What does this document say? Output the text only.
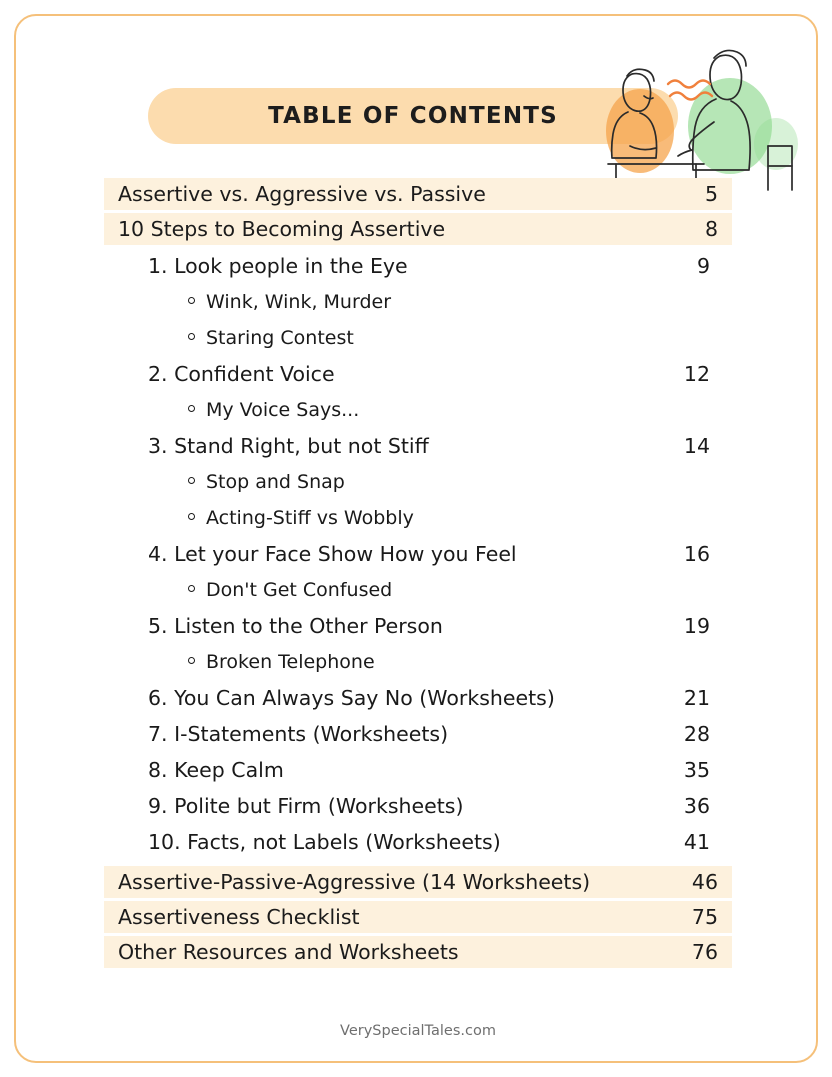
TABLE OF CONTENTS
Assertive vs. Aggressive vs. Passive	5
10 Steps to Becoming Assertive	8
1. Look people in the Eye	9
Wink, Wink, Murder
Staring Contest
2. Confident Voice	12
My Voice Says...
3. Stand Right, but not Stiff	14
Stop and Snap
Acting-Stiff vs Wobbly
4. Let your Face Show How you Feel	16
Don't Get Confused
5. Listen to the Other Person	19
Broken Telephone
6. You Can Always Say No (Worksheets)	21
7. I-Statements (Worksheets)	28
8. Keep Calm	35
9. Polite but Firm (Worksheets)	36
10. Facts, not Labels (Worksheets)	41
Assertive-Passive-Aggressive (14 Worksheets)	46
Assertiveness Checklist	75
Other Resources and Worksheets	76
VerySpecialTales.com
